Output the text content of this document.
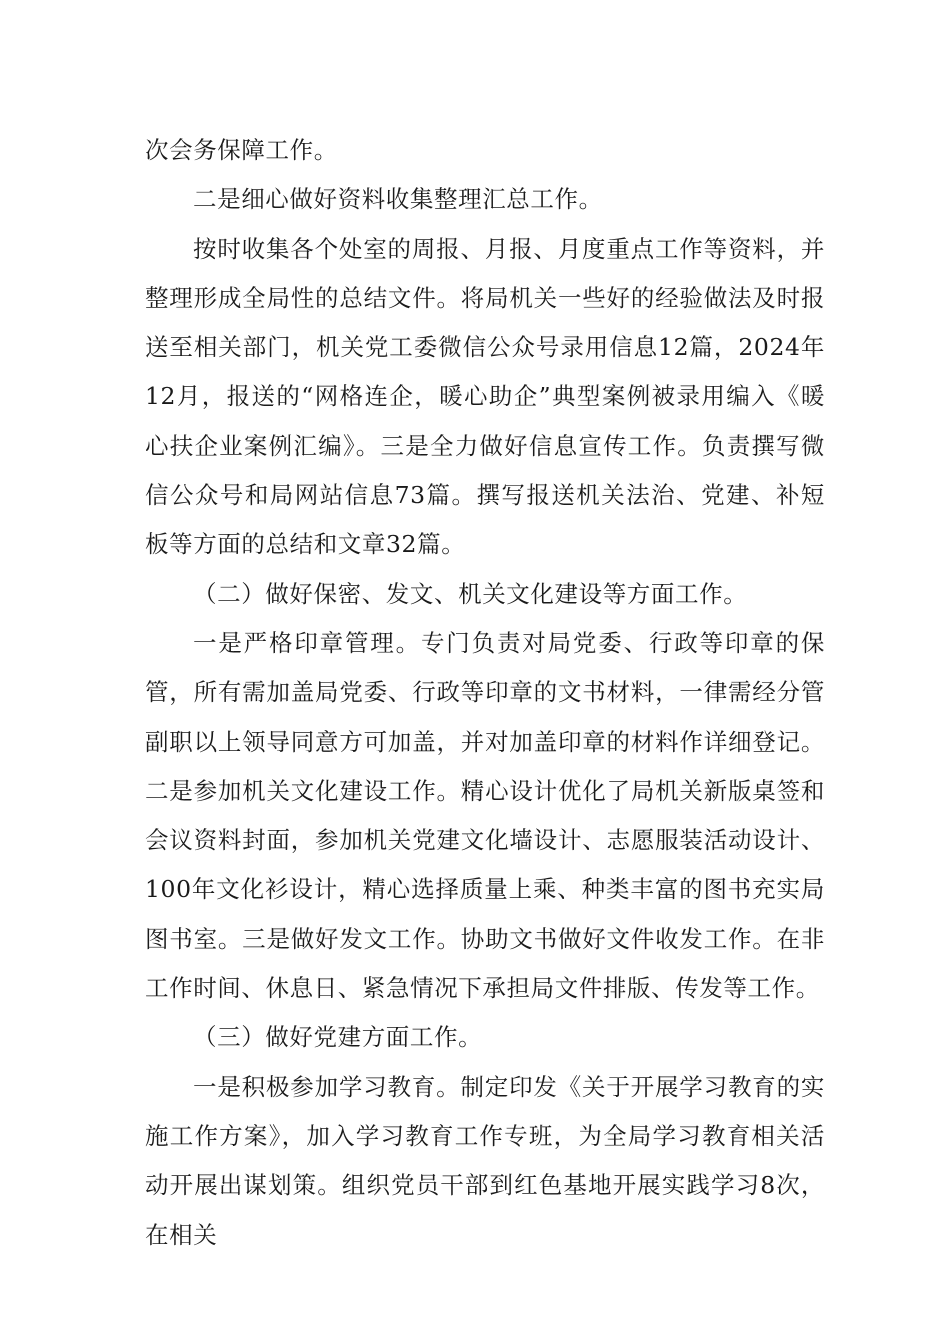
次会务保障工作。

二是细心做好资料收集整理汇总工作。

按时收集各个处室的周报、月报、月度重点工作等资料，并整理形成全局性的总结文件。将局机关一些好的经验做法及时报送至相关部门，机关党工委微信公众号录用信息12篇，2024年12月，报送的“网格连企，暖心助企”典型案例被录用编入《暖心扶企业案例汇编》。三是全力做好信息宣传工作。负责撰写微信公众号和局网站信息73篇。撰写报送机关法治、党建、补短板等方面的总结和文章32篇。

（二）做好保密、发文、机关文化建设等方面工作。

一是严格印章管理。专门负责对局党委、行政等印章的保管，所有需加盖局党委、行政等印章的文书材料，一律需经分管副职以上领导同意方可加盖，并对加盖印章的材料作详细登记。二是参加机关文化建设工作。精心设计优化了局机关新版桌签和会议资料封面，参加机关党建文化墙设计、志愿服装活动设计、100年文化衫设计，精心选择质量上乘、种类丰富的图书充实局图书室。三是做好发文工作。协助文书做好文件收发工作。在非工作时间、休息日、紧急情况下承担局文件排版、传发等工作。

（三）做好党建方面工作。

一是积极参加学习教育。制定印发《关于开展学习教育的实施工作方案》，加入学习教育工作专班，为全局学习教育相关活动开展出谋划策。组织党员干部到红色基地开展实践学习8次，在相关
